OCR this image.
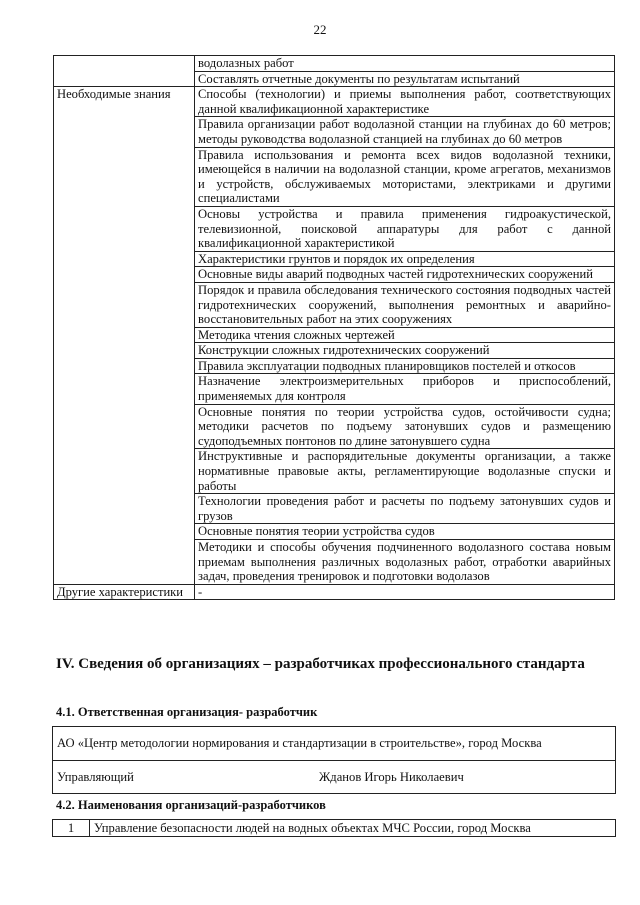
22
	водолазных работ
	Составлять отчетные документы по результатам испытаний
Необходимые знания	Способы (технологии) и приемы выполнения работ, соответствующих данной квалификационной характеристике
	Правила организации работ водолазной станции на глубинах до 60 метров; методы руководства водолазной станцией на глубинах до 60 метров
	Правила использования и ремонта всех видов водолазной техники, имеющейся в наличии на водолазной станции, кроме агрегатов, механизмов и устройств, обслуживаемых мотористами, электриками и другими специалистами
	Основы устройства и правила применения гидроакустической, телевизионной, поисковой аппаратуры для работ с данной квалификационной характеристикой
	Характеристики грунтов и порядок их определения
	Основные виды аварий подводных частей гидротехнических сооружений
	Порядок и правила обследования технического состояния подводных частей гидротехнических сооружений, выполнения ремонтных и аварийно-восстановительных работ на этих сооружениях
	Методика чтения сложных чертежей
	Конструкции сложных гидротехнических сооружений
	Правила эксплуатации подводных планировщиков постелей и откосов
	Назначение электроизмерительных приборов и приспособлений, применяемых для контроля
	Основные понятия по теории устройства судов, остойчивости судна; методики расчетов по подъему затонувших судов и размещению судоподъемных понтонов по длине затонувшего судна
	Инструктивные и распорядительные документы организации, а также нормативные правовые акты, регламентирующие водолазные спуски и работы
	Технологии проведения работ и расчеты по подъему затонувших судов и грузов
	Основные понятия теории устройства судов
	Методики и способы обучения подчиненного водолазного состава новым приемам выполнения различных водолазных работ, отработки аварийных задач, проведения тренировок и подготовки водолазов
Другие характеристики	-
IV. Сведения об организациях – разработчиках профессионального стандарта
4.1. Ответственная организация- разработчик
АО «Центр методологии нормирования и стандартизации в строительстве», город Москва
Управляющий	Жданов Игорь Николаевич
4.2. Наименования организаций-разработчиков
1	Управление безопасности людей на водных объектах МЧС России, город Москва
